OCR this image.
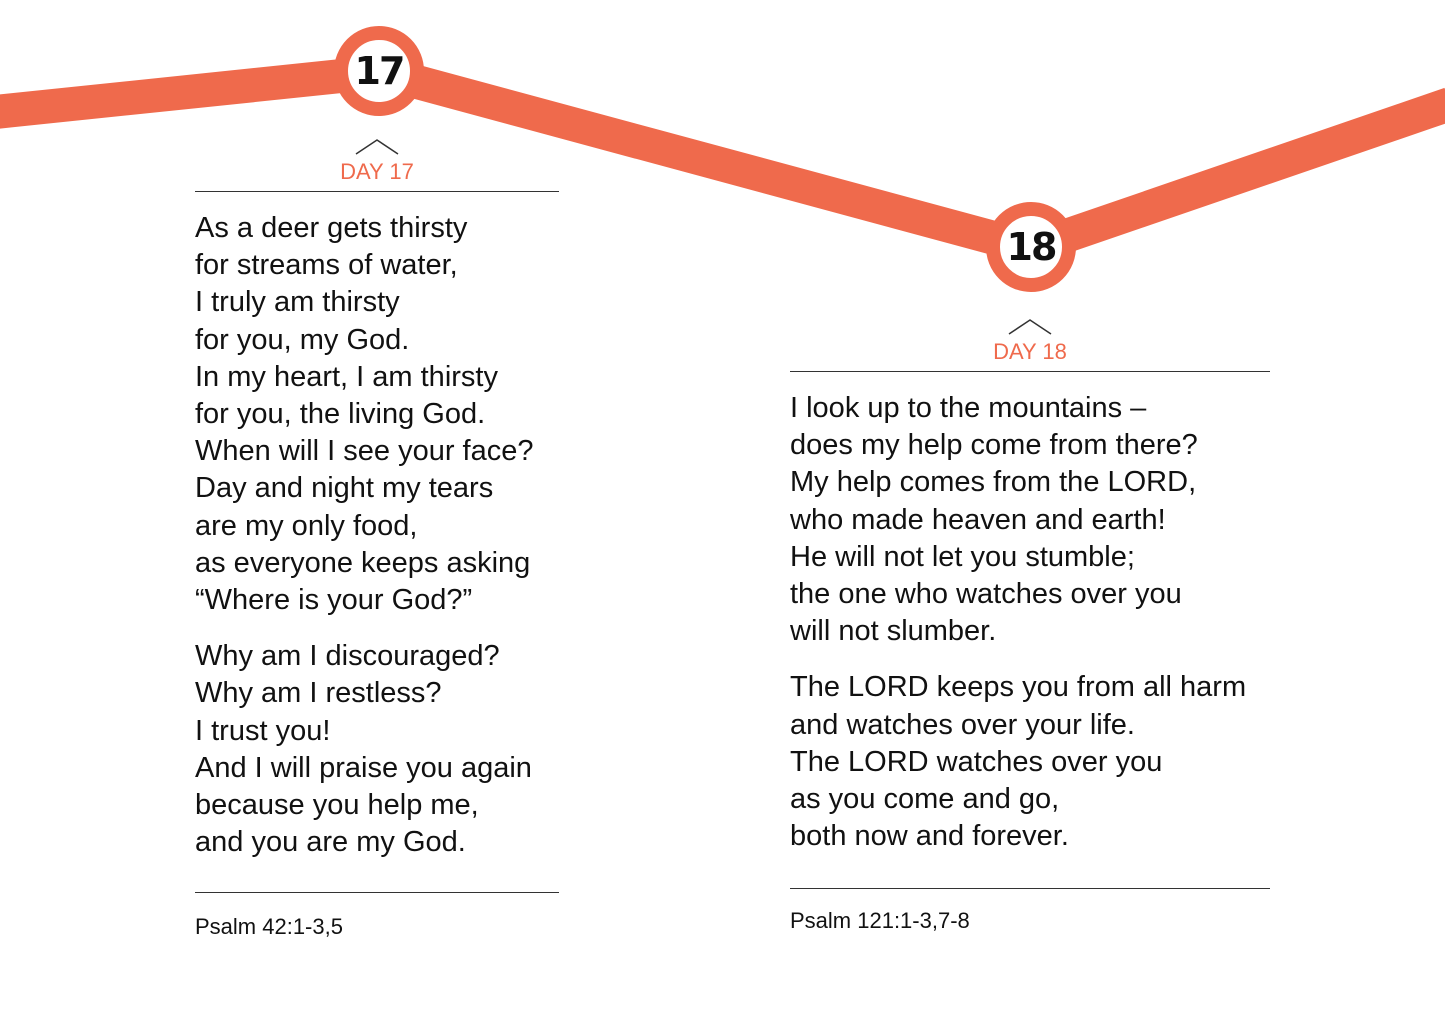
17
18
DAY 17

As a deer gets thirsty
for streams of water,
I truly am thirsty
for you, my God.
In my heart, I am thirsty
for you, the living God.
When will I see your face?
Day and night my tears
are my only food,
as everyone keeps asking
“Where is your God?”

Why am I discouraged?
Why am I restless?
I trust you!
And I will praise you again
because you help me,
and you are my God.

Psalm 42:1-3,5
DAY 18

I look up to the mountains –
does my help come from there?
My help comes from the LORD,
who made heaven and earth!
He will not let you stumble;
the one who watches over you
will not slumber.

The LORD keeps you from all harm
and watches over your life.
The LORD watches over you
as you come and go,
both now and forever.

Psalm 121:1-3,7-8
